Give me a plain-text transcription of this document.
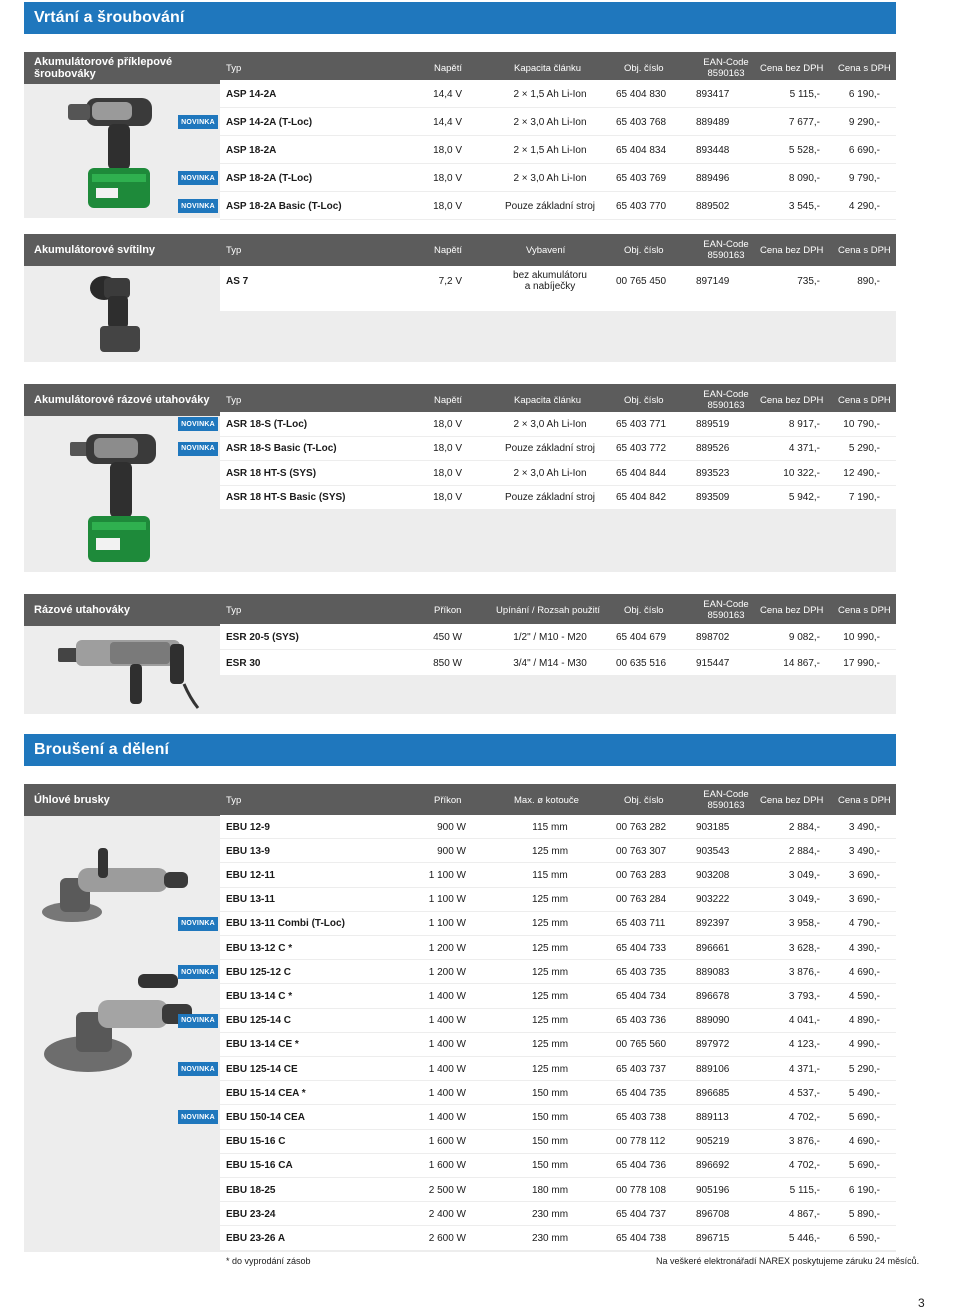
Vrtání a šroubování
Akumulátorové příklepové šroubováky	Typ	Napětí	Kapacita článku	Obj. číslo	EAN-Code
8590163 Cena bez DPH Cena s DPH
ASP 14-2A	14,4 V	2 × 1,5 Ah Li-Ion	65 404 830	893417	5 115,-	6 190,-
NOVINKA	ASP 14-2A (T-Loc)	14,4 V	2 × 3,0 Ah Li-Ion	65 403 768	889489	7 677,-	9 290,-
ASP 18-2A	18,0 V	2 × 1,5 Ah Li-Ion	65 404 834	893448	5 528,-	6 690,-
NOVINKA	ASP 18-2A (T-Loc)	18,0 V	2 × 3,0 Ah Li-Ion	65 403 769	889496	8 090,-	9 790,-
NOVINKA	ASP 18-2A Basic (T-Loc)	18,0 V	Pouze základní stroj	65 403 770	889502	3 545,-	4 290,-
Akumulátorové svítilny	Typ	Napětí	Vybavení	Obj. číslo	EAN-Code
8590163 Cena bez DPH Cena s DPH
AS 7	7,2 V	bez akumulátoru
a nabíječky	00 765 450	897149	735,-	890,-
Akumulátorové rázové utahováky	Typ	Napětí	Kapacita článku	Obj. číslo	EAN-Code
8590163 Cena bez DPH Cena s DPH
NOVINKA	ASR 18-S (T-Loc)	18,0 V	2 × 3,0 Ah Li-Ion	65 403 771	889519	8 917,-	10 790,-
NOVINKA	ASR 18-S Basic (T-Loc)	18,0 V	Pouze základní stroj	65 403 772	889526	4 371,-	5 290,-
ASR 18 HT-S (SYS)	18,0 V	2 × 3,0 Ah Li-Ion	65 404 844	893523	10 322,-	12 490,-
ASR 18 HT-S Basic (SYS)	18,0 V	Pouze základní stroj	65 404 842	893509	5 942,-	7 190,-
Rázové utahováky	Typ	Příkon	Upínání / Rozsah použití	Obj. číslo	EAN-Code
8590163 Cena bez DPH Cena s DPH
ESR 20-5 (SYS)	450 W	1/2" / M10 - M20	65 404 679	898702	9 082,-	10 990,-
ESR 30	850 W	3/4" / M14 - M30	00 635 516	915447	14 867,-	17 990,-
Broušení a dělení
Úhlové brusky	Typ	Příkon	Max. ø kotouče	Obj. číslo	EAN-Code
8590163 Cena bez DPH Cena s DPH
EBU 12-9	900 W	115 mm	00 763 282	903185	2 884,-	3 490,-
EBU 13-9	900 W	125 mm	00 763 307	903543	2 884,-	3 490,-
EBU 12-11	1 100 W	115 mm	00 763 283	903208	3 049,-	3 690,-
EBU 13-11	1 100 W	125 mm	00 763 284	903222	3 049,-	3 690,-
NOVINKA	EBU 13-11 Combi (T-Loc)	1 100 W	125 mm	65 403 711	892397	3 958,-	4 790,-
EBU 13-12 C *	1 200 W	125 mm	65 404 733	896661	3 628,-	4 390,-
NOVINKA	EBU 125-12 C	1 200 W	125 mm	65 403 735	889083	3 876,-	4 690,-
EBU 13-14 C *	1 400 W	125 mm	65 404 734	896678	3 793,-	4 590,-
NOVINKA	EBU 125-14 C	1 400 W	125 mm	65 403 736	889090	4 041,-	4 890,-
EBU 13-14 CE *	1 400 W	125 mm	00 765 560	897972	4 123,-	4 990,-
NOVINKA	EBU 125-14 CE	1 400 W	125 mm	65 403 737	889106	4 371,-	5 290,-
EBU 15-14 CEA *	1 400 W	150 mm	65 404 735	896685	4 537,-	5 490,-
NOVINKA	EBU 150-14 CEA	1 400 W	150 mm	65 403 738	889113	4 702,-	5 690,-
EBU 15-16 C	1 600 W	150 mm	00 778 112	905219	3 876,-	4 690,-
EBU 15-16 CA	1 600 W	150 mm	65 404 736	896692	4 702,-	5 690,-
EBU 18-25	2 500 W	180 mm	00 778 108	905196	5 115,-	6 190,-
EBU 23-24	2 400 W	230 mm	65 404 737	896708	4 867,-	5 890,-
EBU 23-26 A	2 600 W	230 mm	65 404 738	896715	5 446,-	6 590,-
* do vyprodání zásob	Na veškeré elektronářadí NAREX poskytujeme záruku 24 měsíců.
3
